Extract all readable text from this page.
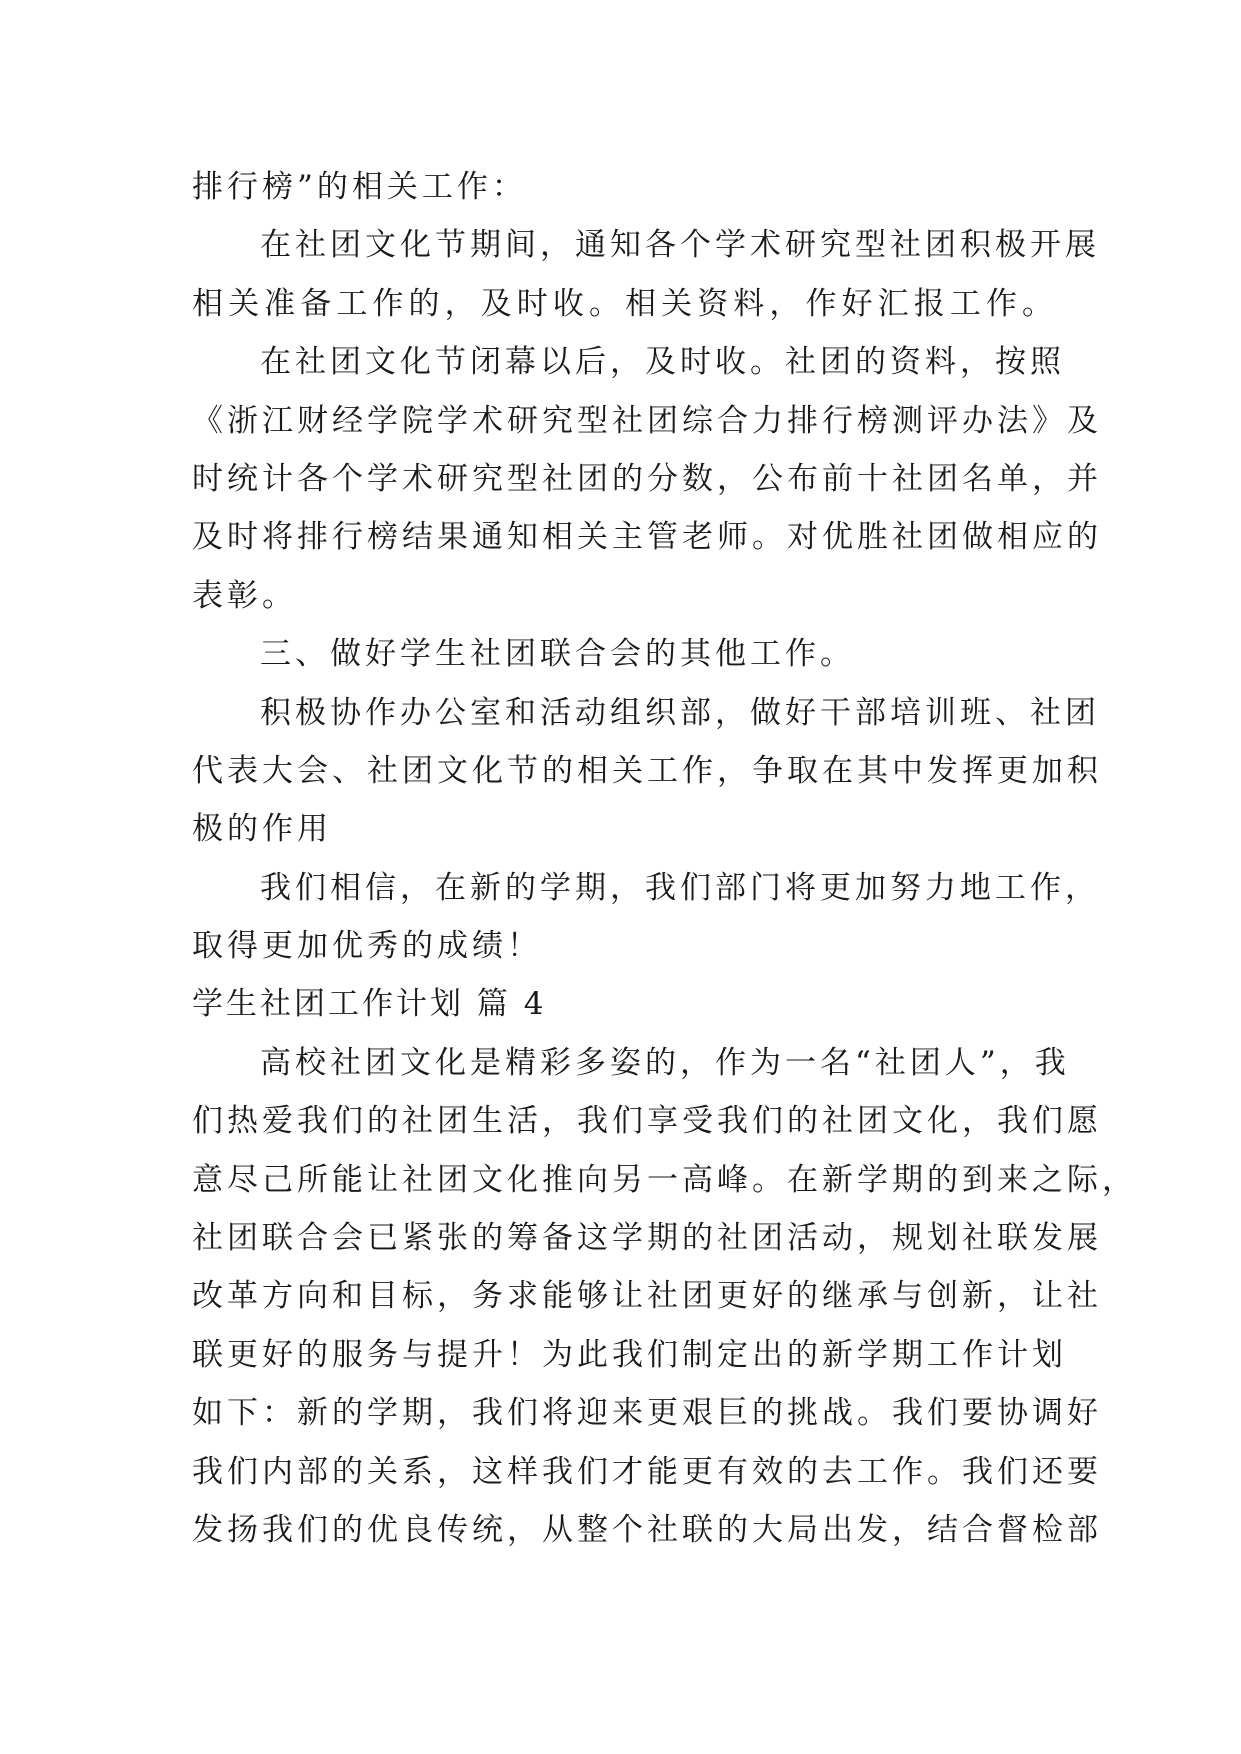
排行榜”的相关工作：
在社团文化节期间，通知各个学术研究型社团积极开展
相关准备工作的，及时收。相关资料，作好汇报工作。
在社团文化节闭幕以后，及时收。社团的资料，按照
《浙江财经学院学术研究型社团综合力排行榜测评办法》及
时统计各个学术研究型社团的分数，公布前十社团名单，并
及时将排行榜结果通知相关主管老师。对优胜社团做相应的
表彰。
三、做好学生社团联合会的其他工作。
积极协作办公室和活动组织部，做好干部培训班、社团
代表大会、社团文化节的相关工作，争取在其中发挥更加积
极的作用
我们相信，在新的学期，我们部门将更加努力地工作，
取得更加优秀的成绩！
学生社团工作计划 篇 4
高校社团文化是精彩多姿的，作为一名“社团人”，我
们热爱我们的社团生活，我们享受我们的社团文化，我们愿
意尽己所能让社团文化推向另一高峰。在新学期的到来之际，
社团联合会已紧张的筹备这学期的社团活动，规划社联发展
改革方向和目标，务求能够让社团更好的继承与创新，让社
联更好的服务与提升！为此我们制定出的新学期工作计划
如下：新的学期，我们将迎来更艰巨的挑战。我们要协调好
我们内部的关系，这样我们才能更有效的去工作。我们还要
发扬我们的优良传统，从整个社联的大局出发，结合督检部
